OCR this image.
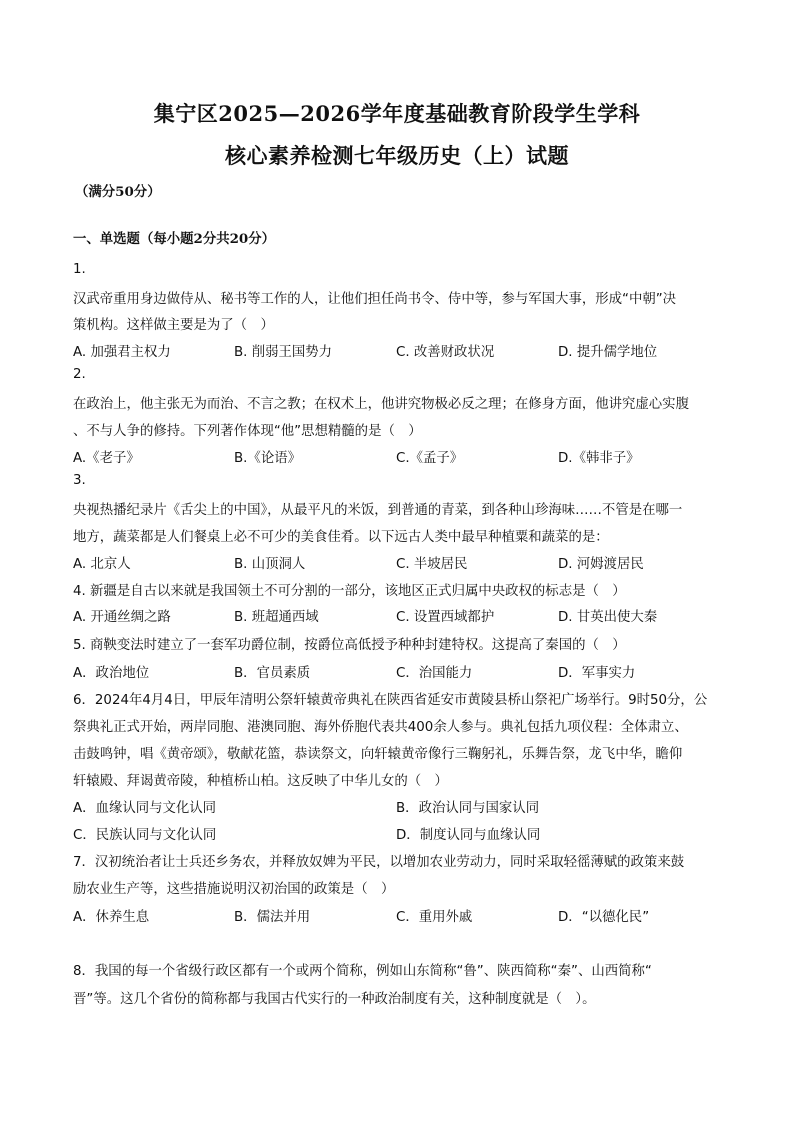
集宁区2025—2026学年度基础教育阶段学生学科
核心素养检测七年级历史（上）试题
（满分50分）
一、单选题（每小题2分共20分）
1.
汉武帝重用身边做侍从、秘书等工作的人，让他们担任尚书令、侍中等，参与军国大事，形成“中朝”决
策机构。这样做主要是为了（　）
A. 加强君主权力	B. 削弱王国势力	C. 改善财政状况	D. 提升儒学地位
2.
在政治上，他主张无为而治、不言之教；在权术上，他讲究物极必反之理；在修身方面，他讲究虚心实腹
、不与人争的修持。下列著作体现“他”思想精髓的是（　）
A.《老子》	B.《论语》	C.《孟子》	D.《韩非子》
3.
央视热播纪录片《舌尖上的中国》，从最平凡的米饭，到普通的青菜，到各种山珍海味……不管是在哪一
地方，蔬菜都是人们餐桌上必不可少的美食佳肴。以下远古人类中最早种植粟和蔬菜的是：
A. 北京人	B. 山顶洞人	C. 半坡居民	D. 河姆渡居民
4. 新疆是自古以来就是我国领土不可分割的一部分，该地区正式归属中央政权的标志是（　）
A. 开通丝绸之路	B. 班超通西域	C. 设置西域都护	D. 甘英出使大秦
5. 商鞅变法时建立了一套军功爵位制，按爵位高低授予种种封建特权。这提高了秦国的（　）
A．政治地位	B．官员素质	C．治国能力	D．军事实力
6．2024年4月4日，甲辰年清明公祭轩辕黄帝典礼在陕西省延安市黄陵县桥山祭祀广场举行。9时50分，公
祭典礼正式开始，两岸同胞、港澳同胞、海外侨胞代表共400余人参与。典礼包括九项仪程：全体肃立、
击鼓鸣钟，唱《黄帝颂》，敬献花篮，恭读祭文，向轩辕黄帝像行三鞠躬礼，乐舞告祭，龙飞中华，瞻仰
轩辕殿、拜谒黄帝陵，种植桥山柏。这反映了中华儿女的（　）
A．血缘认同与文化认同	B．政治认同与国家认同
C．民族认同与文化认同	D．制度认同与血缘认同
7．汉初统治者让士兵还乡务农，并释放奴婢为平民，以增加农业劳动力，同时采取轻徭薄赋的政策来鼓
励农业生产等，这些措施说明汉初治国的政策是（　）
A．休养生息	B．儒法并用	C．重用外戚	D．“以德化民”
8．我国的每一个省级行政区都有一个或两个简称，例如山东简称“鲁”、陕西简称“秦”、山西简称“
晋”等。这几个省份的简称都与我国古代实行的一种政治制度有关，这种制度就是（　）。
